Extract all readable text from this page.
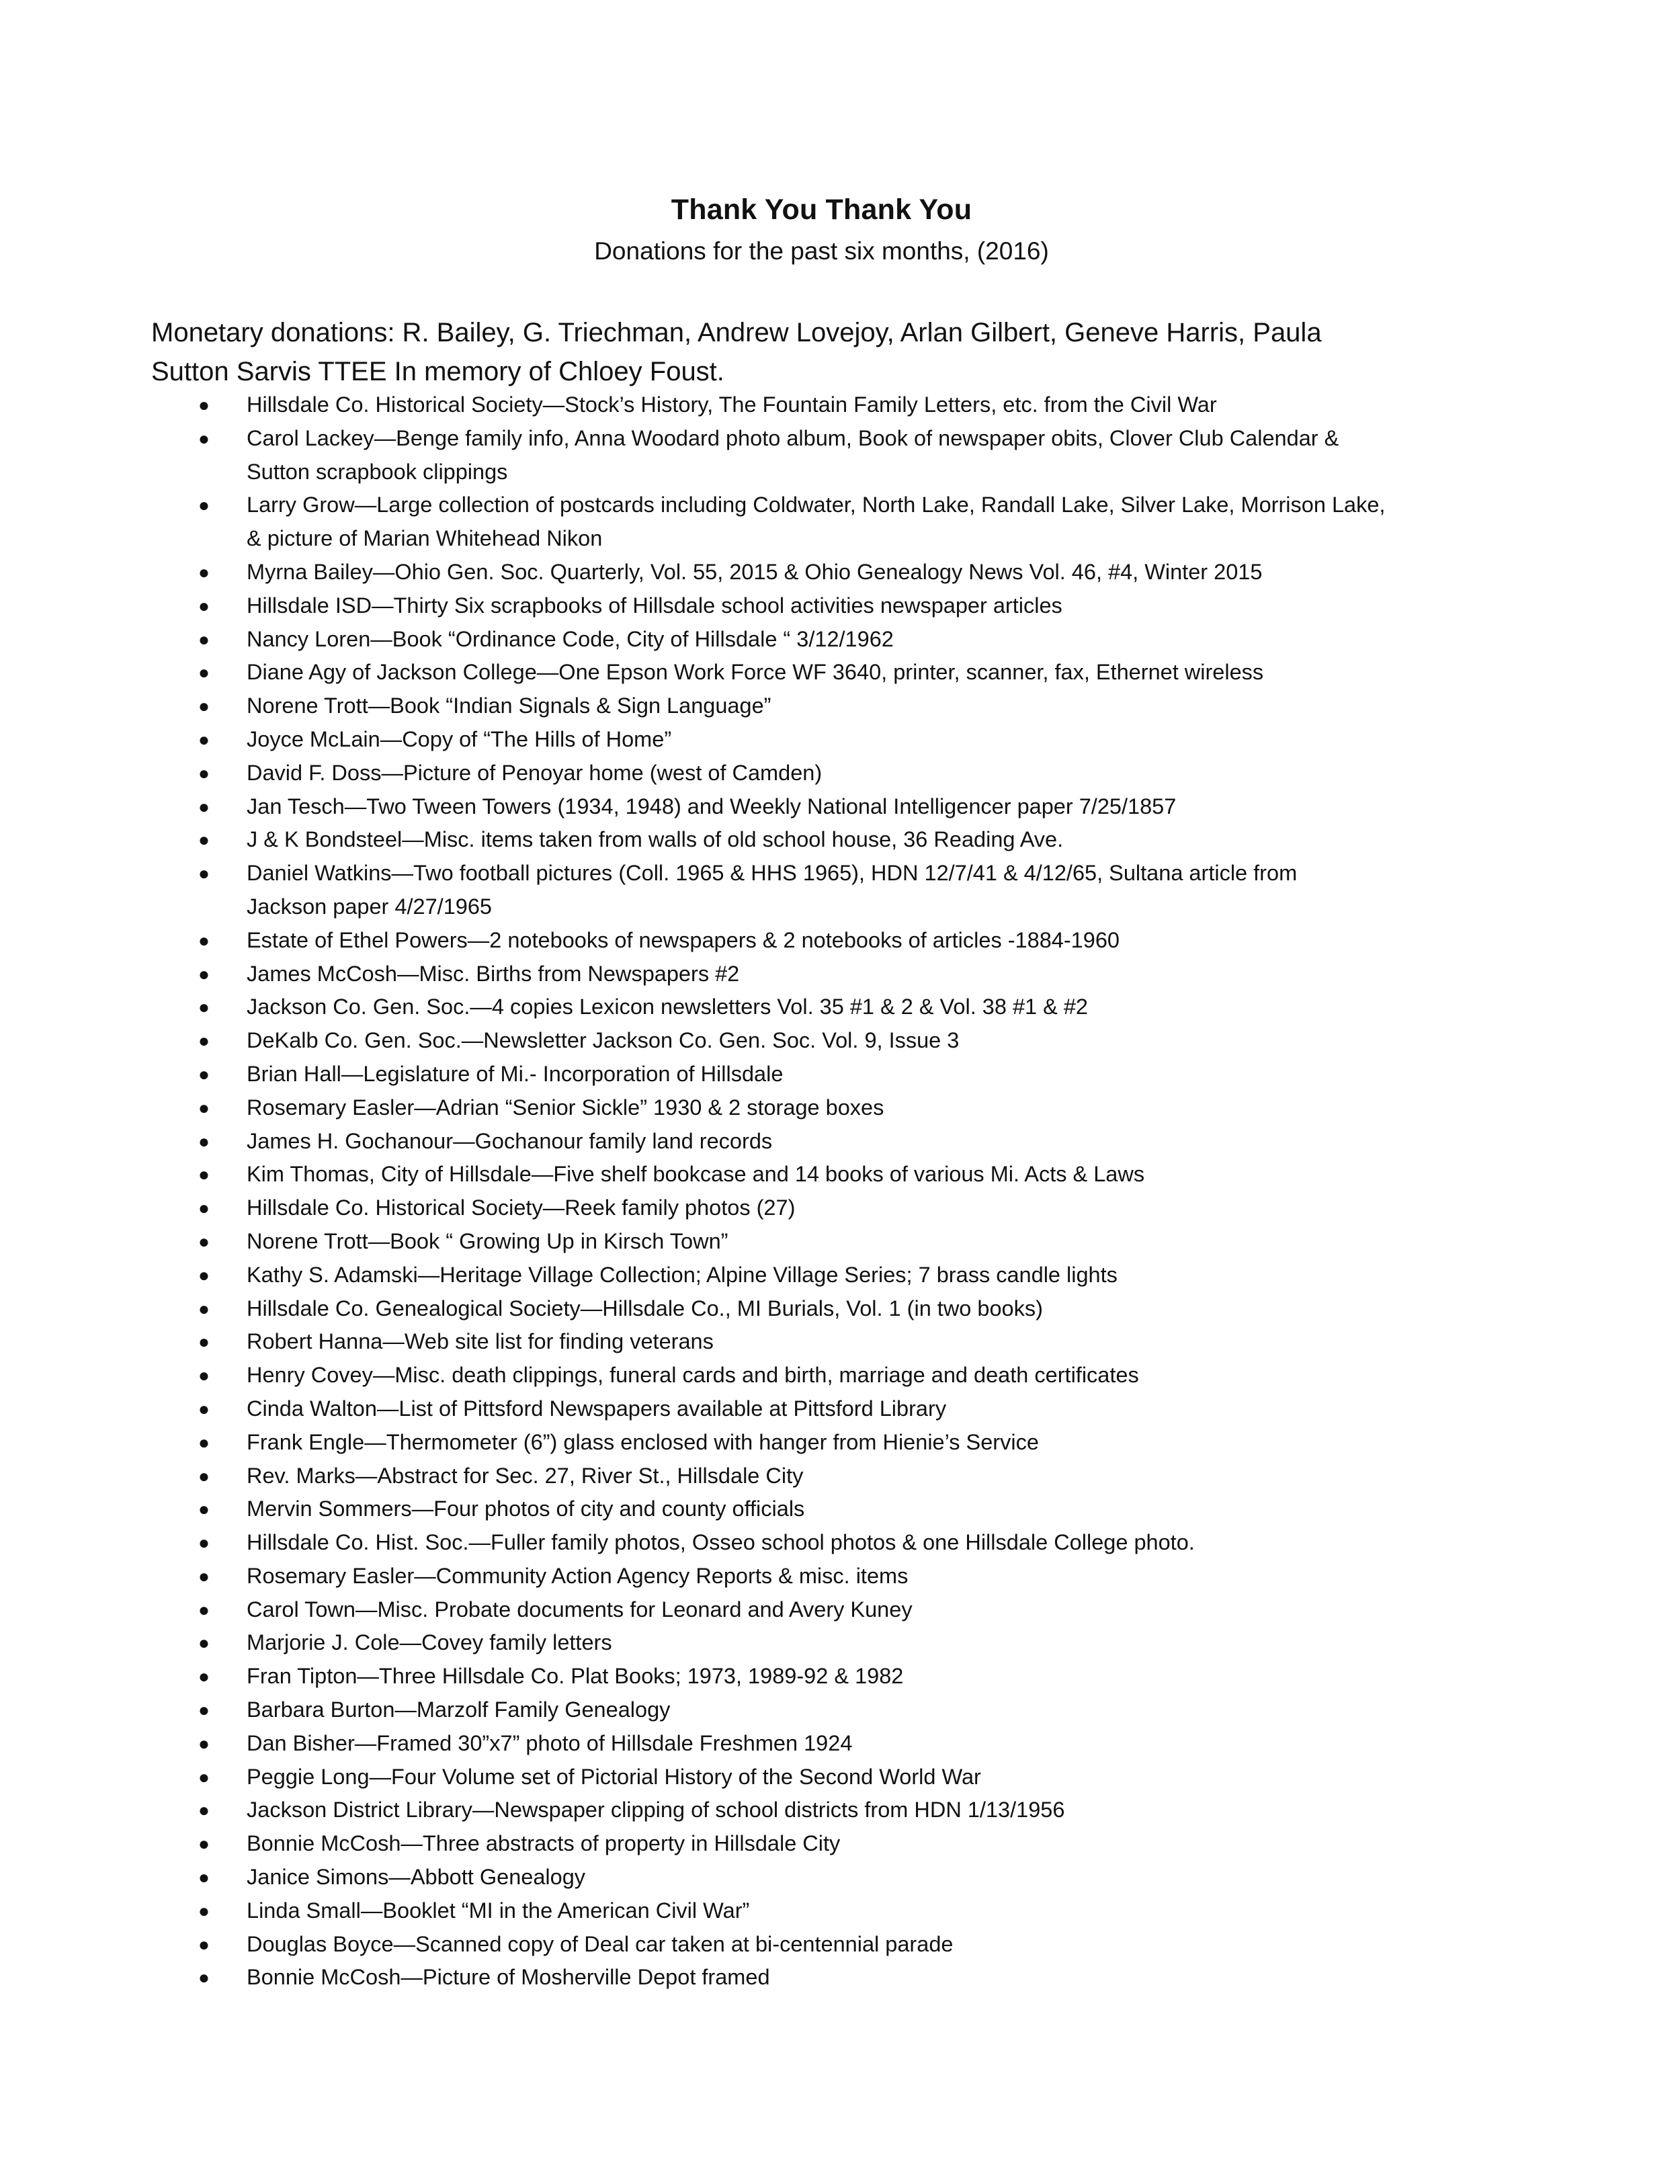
Thank You Thank You
Donations for the past six months, (2016)
Monetary donations: R. Bailey, G. Triechman, Andrew Lovejoy, Arlan Gilbert, Geneve Harris, Paula
Sutton Sarvis TTEE In memory of Chloey Foust.
● Hillsdale Co. Historical Society—Stock’s History, The Fountain Family Letters, etc. from the Civil War
● Carol Lackey—Benge family info, Anna Woodard photo album, Book of newspaper obits, Clover Club Calendar &
Sutton scrapbook clippings
● Larry Grow—Large collection of postcards including Coldwater, North Lake, Randall Lake, Silver Lake, Morrison Lake,
& picture of Marian Whitehead Nikon
● Myrna Bailey—Ohio Gen. Soc. Quarterly, Vol. 55, 2015 & Ohio Genealogy News Vol. 46, #4, Winter 2015
● Hillsdale ISD—Thirty Six scrapbooks of Hillsdale school activities newspaper articles
● Nancy Loren—Book “Ordinance Code, City of Hillsdale “ 3/12/1962
● Diane Agy of Jackson College—One Epson Work Force WF 3640, printer, scanner, fax, Ethernet wireless
● Norene Trott—Book “Indian Signals & Sign Language”
● Joyce McLain—Copy of “The Hills of Home”
● David F. Doss—Picture of Penoyar home (west of Camden)
● Jan Tesch—Two Tween Towers (1934, 1948) and Weekly National Intelligencer paper 7/25/1857
● J & K Bondsteel—Misc. items taken from walls of old school house, 36 Reading Ave.
● Daniel Watkins—Two football pictures (Coll. 1965 & HHS 1965), HDN 12/7/41 & 4/12/65, Sultana article from
Jackson paper 4/27/1965
● Estate of Ethel Powers—2 notebooks of newspapers & 2 notebooks of articles -1884-1960
● James McCosh—Misc. Births from Newspapers #2
● Jackson Co. Gen. Soc.—4 copies Lexicon newsletters Vol. 35 #1 & 2 & Vol. 38 #1 & #2
● DeKalb Co. Gen. Soc.—Newsletter Jackson Co. Gen. Soc. Vol. 9, Issue 3
● Brian Hall—Legislature of Mi.- Incorporation of Hillsdale
● Rosemary Easler—Adrian “Senior Sickle” 1930 & 2 storage boxes
● James H. Gochanour—Gochanour family land records
● Kim Thomas, City of Hillsdale—Five shelf bookcase and 14 books of various Mi. Acts & Laws
● Hillsdale Co. Historical Society—Reek family photos (27)
● Norene Trott—Book “ Growing Up in Kirsch Town”
● Kathy S. Adamski—Heritage Village Collection; Alpine Village Series; 7 brass candle lights
● Hillsdale Co. Genealogical Society—Hillsdale Co., MI Burials, Vol. 1 (in two books)
● Robert Hanna—Web site list for finding veterans
● Henry Covey—Misc. death clippings, funeral cards and birth, marriage and death certificates
● Cinda Walton—List of Pittsford Newspapers available at Pittsford Library
● Frank Engle—Thermometer (6”) glass enclosed with hanger from Hienie’s Service
● Rev. Marks—Abstract for Sec. 27, River St., Hillsdale City
● Mervin Sommers—Four photos of city and county officials
● Hillsdale Co. Hist. Soc.—Fuller family photos, Osseo school photos & one Hillsdale College photo.
● Rosemary Easler—Community Action Agency Reports & misc. items
● Carol Town—Misc. Probate documents for Leonard and Avery Kuney
● Marjorie J. Cole—Covey family letters
● Fran Tipton—Three Hillsdale Co. Plat Books; 1973, 1989-92 & 1982
● Barbara Burton—Marzolf Family Genealogy
● Dan Bisher—Framed 30”x7” photo of Hillsdale Freshmen 1924
● Peggie Long—Four Volume set of Pictorial History of the Second World War
● Jackson District Library—Newspaper clipping of school districts from HDN 1/13/1956
● Bonnie McCosh—Three abstracts of property in Hillsdale City
● Janice Simons—Abbott Genealogy
● Linda Small—Booklet “MI in the American Civil War”
● Douglas Boyce—Scanned copy of Deal car taken at bi-centennial parade
● Bonnie McCosh—Picture of Mosherville Depot framed
